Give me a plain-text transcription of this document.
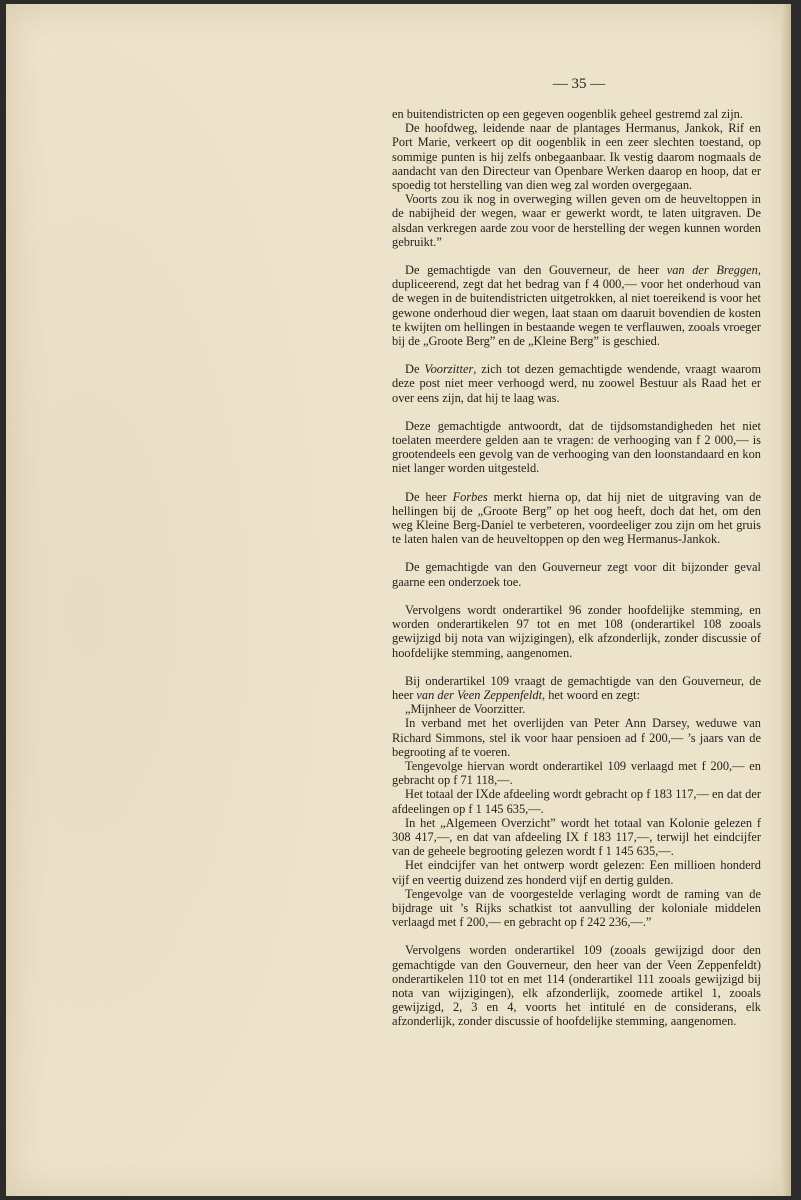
— 35 —

en buitendistricten op een gegeven oogenblik geheel gestremd zal zijn.

De hoofdweg, leidende naar de plantages Hermanus, Jankok, Rif en Port Marie, verkeert op dit oogenblik in een zeer slechten toestand, op sommige punten is hij zelfs onbegaanbaar. Ik vestig daarom nogmaals de aandacht van den Directeur van Openbare Werken daarop en hoop, dat er spoedig tot herstelling van dien weg zal worden overgegaan.

Voorts zou ik nog in overweging willen geven om de heuveltoppen in de nabijheid der wegen, waar er gewerkt wordt, te laten uitgraven. De alsdan verkregen aarde zou voor de herstelling der wegen kunnen worden gebruikt.”

De gemachtigde van den Gouverneur, de heer van der Breggen, dupliceerend, zegt dat het bedrag van f 4 000,— voor het onderhoud van de wegen in de buitendistricten uitgetrokken, al niet toereikend is voor het gewone onderhoud dier wegen, laat staan om daaruit bovendien de kosten te kwijten om hellingen in bestaande wegen te verflauwen, zooals vroeger bij de „Groote Berg” en de „Kleine Berg” is geschied.

De Voorzitter, zich tot dezen gemachtigde wendende, vraagt waarom deze post niet meer verhoogd werd, nu zoowel Bestuur als Raad het er over eens zijn, dat hij te laag was.

Deze gemachtigde antwoordt, dat de tijdsomstandigheden het niet toelaten meerdere gelden aan te vragen: de verhooging van f 2 000,— is grootendeels een gevolg van de verhooging van den loonstandaard en kon niet langer worden uitgesteld.

De heer Forbes merkt hierna op, dat hij niet de uitgraving van de hellingen bij de „Groote Berg” op het oog heeft, doch dat het, om den weg Kleine Berg-Daniel te verbeteren, voordeeliger zou zijn om het gruis te laten halen van de heuveltoppen op den weg Hermanus-Jankok.

De gemachtigde van den Gouverneur zegt voor dit bijzonder geval gaarne een onderzoek toe.

Vervolgens wordt onderartikel 96 zonder hoofdelijke stemming, en worden onderartikelen 97 tot en met 108 (onderartikel 108 zooals gewijzigd bij nota van wijzigingen), elk afzonderlijk, zonder discussie of hoofdelijke stemming, aangenomen.

Bij onderartikel 109 vraagt de gemachtigde van den Gouverneur, de heer van der Veen Zeppenfeldt, het woord en zegt:

„Mijnheer de Voorzitter.

In verband met het overlijden van Peter Ann Darsey, weduwe van Richard Simmons, stel ik voor haar pensioen ad f 200,— ’s jaars van de begrooting af te voeren.

Tengevolge hiervan wordt onderartikel 109 verlaagd met f 200,— en gebracht op f 71 118,—.

Het totaal der IXde afdeeling wordt gebracht op f 183 117,— en dat der afdeelingen op f 1 145 635,—.

In het „Algemeen Overzicht” wordt het totaal van Kolonie gelezen f 308 417,—, en dat van afdeeling IX f 183 117,—, terwijl het eindcijfer van de geheele begrooting gelezen wordt f 1 145 635,—.

Het eindcijfer van het ontwerp wordt gelezen: Een millioen honderd vijf en veertig duizend zes honderd vijf en dertig gulden.

Tengevolge van de voorgestelde verlaging wordt de raming van de bijdrage uit ’s Rijks schatkist tot aanvulling der koloniale middelen verlaagd met f 200,— en gebracht op f 242 236,—.”

Vervolgens worden onderartikel 109 (zooals gewijzigd door den gemachtigde van den Gouverneur, den heer van der Veen Zeppenfeldt) onderartikelen 110 tot en met 114 (onderartikel 111 zooals gewijzigd bij nota van wijzigingen), elk afzonderlijk, zoomede artikel 1, zooals gewijzigd, 2, 3 en 4, voorts het intitulé en de considerans, elk afzonderlijk, zonder discussie of hoofdelijke stemming, aangenomen.
